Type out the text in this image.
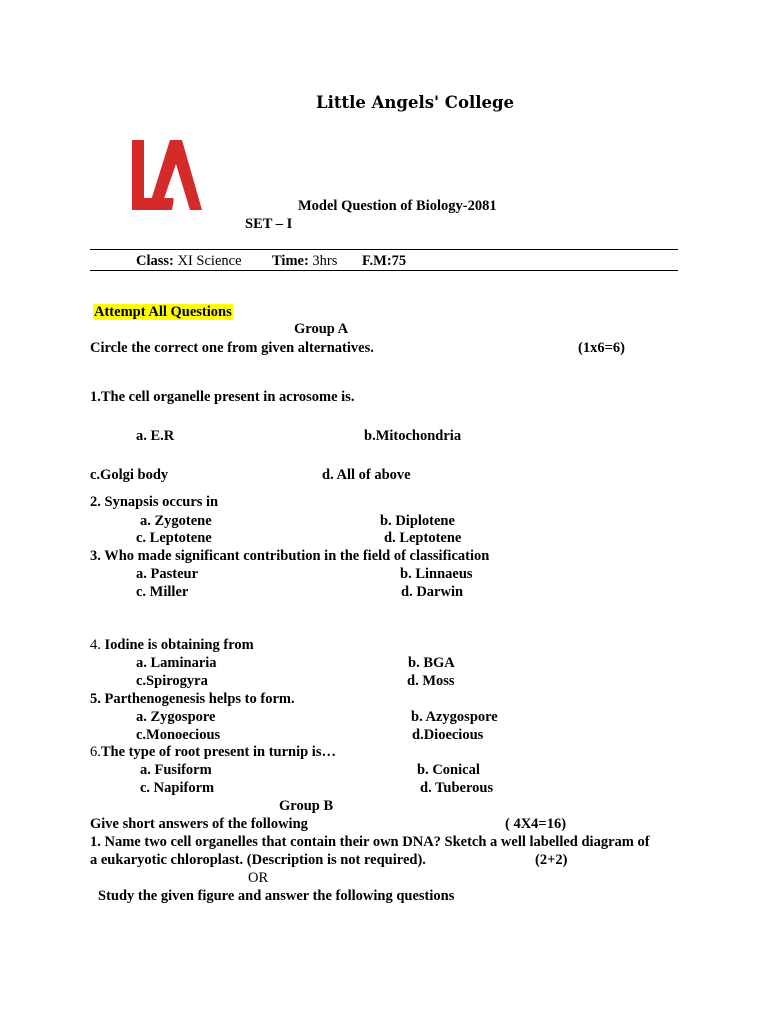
Little Angels' College
Model Question of Biology-2081
SET – I
Class: XI Science Time: 3hrs F.M:75
Attempt All Questions
Group A
Circle the correct one from given alternatives.	(1x6=6)
1.The cell organelle present in acrosome is.
a. E.R	b.Mitochondria
c.Golgi body	d. All of above
2. Synapsis occurs in
a. Zygotene	b. Diplotene
c. Leptotene	d. Leptotene
3. Who made significant contribution in the field of classification
a. Pasteur	b. Linnaeus
c. Miller	d. Darwin
4. Iodine is obtaining from
a. Laminaria	b. BGA
c.Spirogyra	d. Moss
5. Parthenogenesis helps to form.
a. Zygospore	b. Azygospore
c.Monoecious	d.Dioecious
6.The type of root present in turnip is…
a. Fusiform	b. Conical
c. Napiform	d. Tuberous
Group B
Give short answers of the following	( 4X4=16)
1. Name two cell organelles that contain their own DNA? Sketch a well labelled diagram of
a eukaryotic chloroplast. (Description is not required).	(2+2)
OR
Study the given figure and answer the following questions
